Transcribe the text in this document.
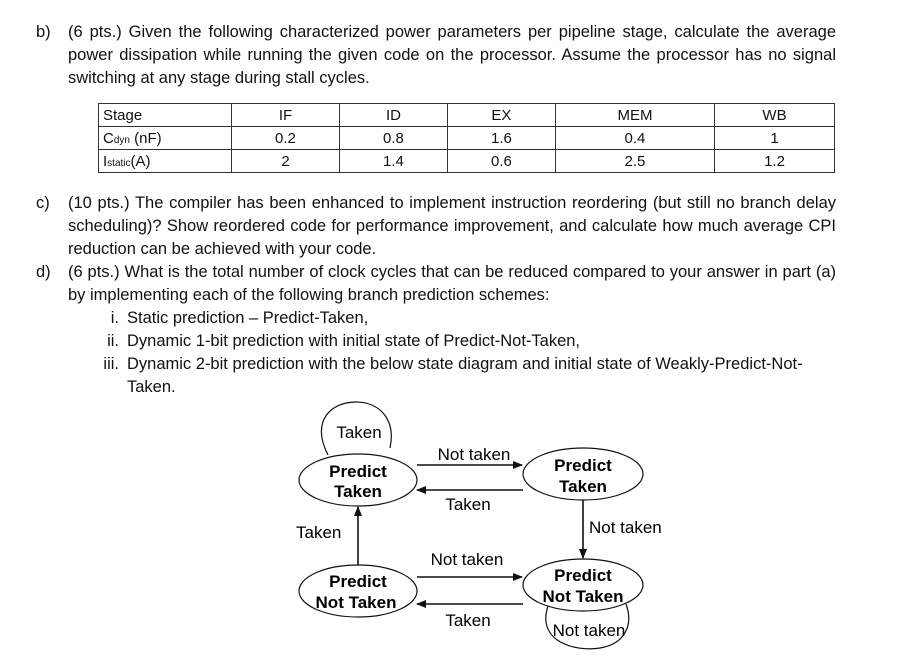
b) (6 pts.) Given the following characterized power parameters per pipeline stage, calculate the average power dissipation while running the given code on the processor. Assume the processor has no signal switching at any stage during stall cycles.
Stage	IF	ID	EX	MEM	WB
Cdyn (nF)	0.2	0.8	1.6	0.4	1
Istatic(A)	2	1.4	0.6	2.5	1.2
c) (10 pts.) The compiler has been enhanced to implement instruction reordering (but still no branch delay scheduling)? Show reordered code for performance improvement, and calculate how much average CPI reduction can be achieved with your code.
d) (6 pts.) What is the total number of clock cycles that can be reduced compared to your answer in part (a) by implementing each of the following branch prediction schemes:
i. Static prediction – Predict-Taken,
ii. Dynamic 1-bit prediction with initial state of Predict-Not-Taken,
iii. Dynamic 2-bit prediction with the below state diagram and initial state of Weakly-Predict-Not-Taken.
Taken
Predict
Taken
Predict
Taken
Predict
Not Taken
Predict
Not Taken
Not taken
Taken
Taken	Not taken
Not taken
Taken
Not taken
